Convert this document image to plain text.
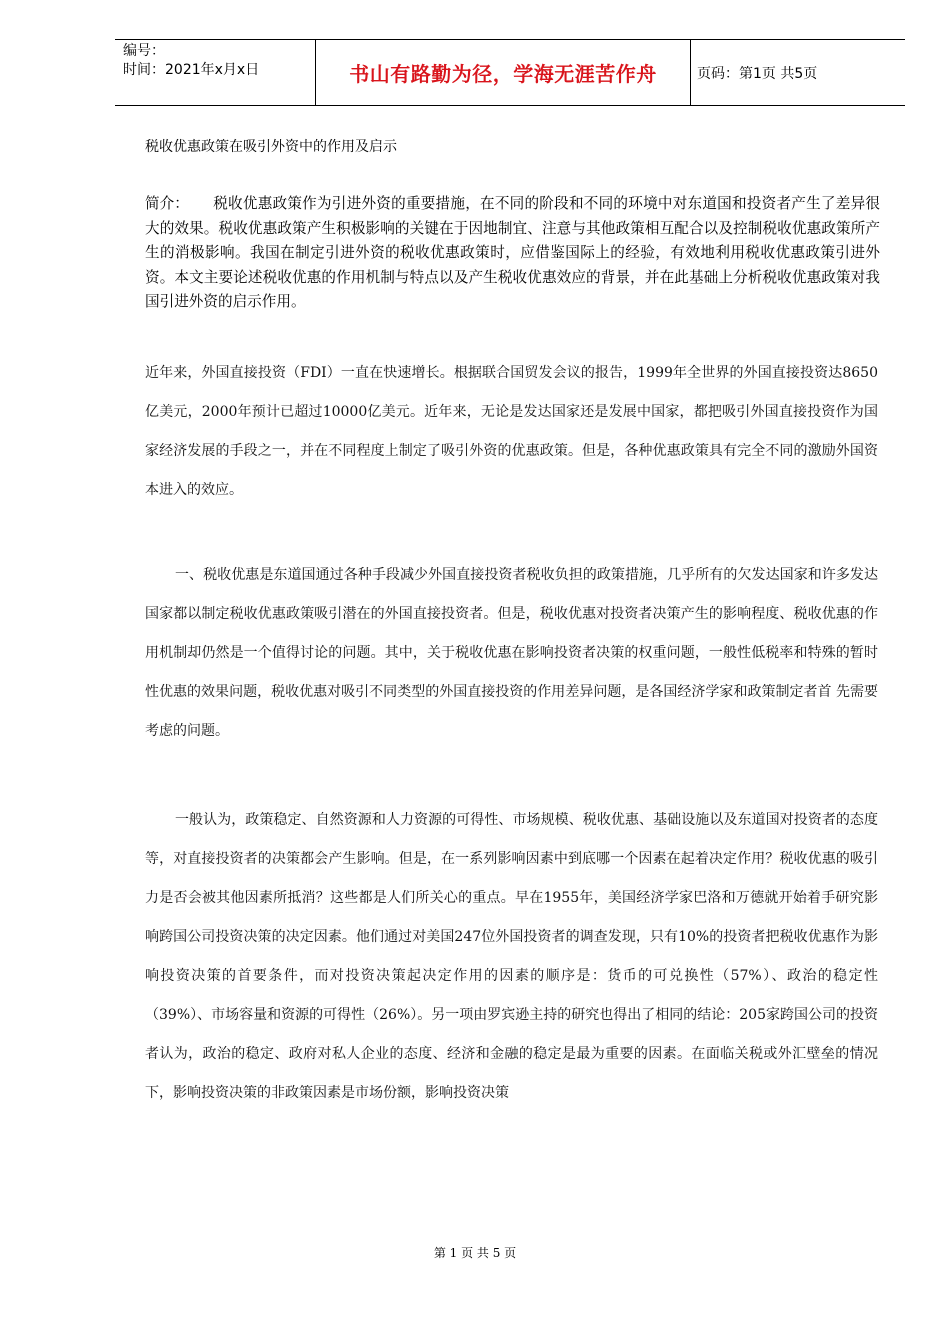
编号：
时间：2021年x月x日	书山有路勤为径，学海无涯苦作舟	页码：第1页 共5页
税收优惠政策在吸引外资中的作用及启示
简介： 税收优惠政策作为引进外资的重要措施，在不同的阶段和不同的环境中对东道国和投资者产生了差异很大的效果。税收优惠政策产生积极影响的关键在于因地制宜、注意与其他政策相互配合以及控制税收优惠政策所产生的消极影响。我国在制定引进外资的税收优惠政策时，应借鉴国际上的经验，有效地利用税收优惠政策引进外资。本文主要论述税收优惠的作用机制与特点以及产生税收优惠效应的背景，并在此基础上分析税收优惠政策对我国引进外资的启示作用。
近年来，外国直接投资（FDI）一直在快速增长。根据联合国贸发会议的报告，1999年全世界的外国直接投资达8650亿美元，2000年预计已超过10000亿美元。近年来，无论是发达国家还是发展中国家，都把吸引外国直接投资作为国家经济发展的手段之一，并在不同程度上制定了吸引外资的优惠政策。但是，各种优惠政策具有完全不同的激励外国资本进入的效应。
一、税收优惠是东道国通过各种手段减少外国直接投资者税收负担的政策措施，几乎所有的欠发达国家和许多发达国家都以制定税收优惠政策吸引潜在的外国直接投资者。但是，税收优惠对投资者决策产生的影响程度、税收优惠的作用机制却仍然是一个值得讨论的问题。其中，关于税收优惠在影响投资者决策的权重问题，一般性低税率和特殊的暂时性优惠的效果问题，税收优惠对吸引不同类型的外国直接投资的作用差异问题，是各国经济学家和政策制定者首 先需要考虑的问题。
一般认为，政策稳定、自然资源和人力资源的可得性、市场规模、税收优惠、基础设施以及东道国对投资者的态度等，对直接投资者的决策都会产生影响。但是，在一系列影响因素中到底哪一个因素在起着决定作用？税收优惠的吸引力是否会被其他因素所抵消？这些都是人们所关心的重点。早在1955年，美国经济学家巴洛和万德就开始着手研究影响跨国公司投资决策的决定因素。他们通过对美国247位外国投资者的调查发现，只有10%的投资者把税收优惠作为影响投资决策的首要条件，而对投资决策起决定作用的因素的顺序是：货币的可兑换性（57%）、政治的稳定性（39%）、市场容量和资源的可得性（26%）。另一项由罗宾逊主持的研究也得出了相同的结论：205家跨国公司的投资者认为，政治的稳定、政府对私人企业的态度、经济和金融的稳定是最为重要的因素。在面临关税或外汇壁垒的情况下，影响投资决策的非政策因素是市场份额，影响投资决策
第 1 页 共 5 页
